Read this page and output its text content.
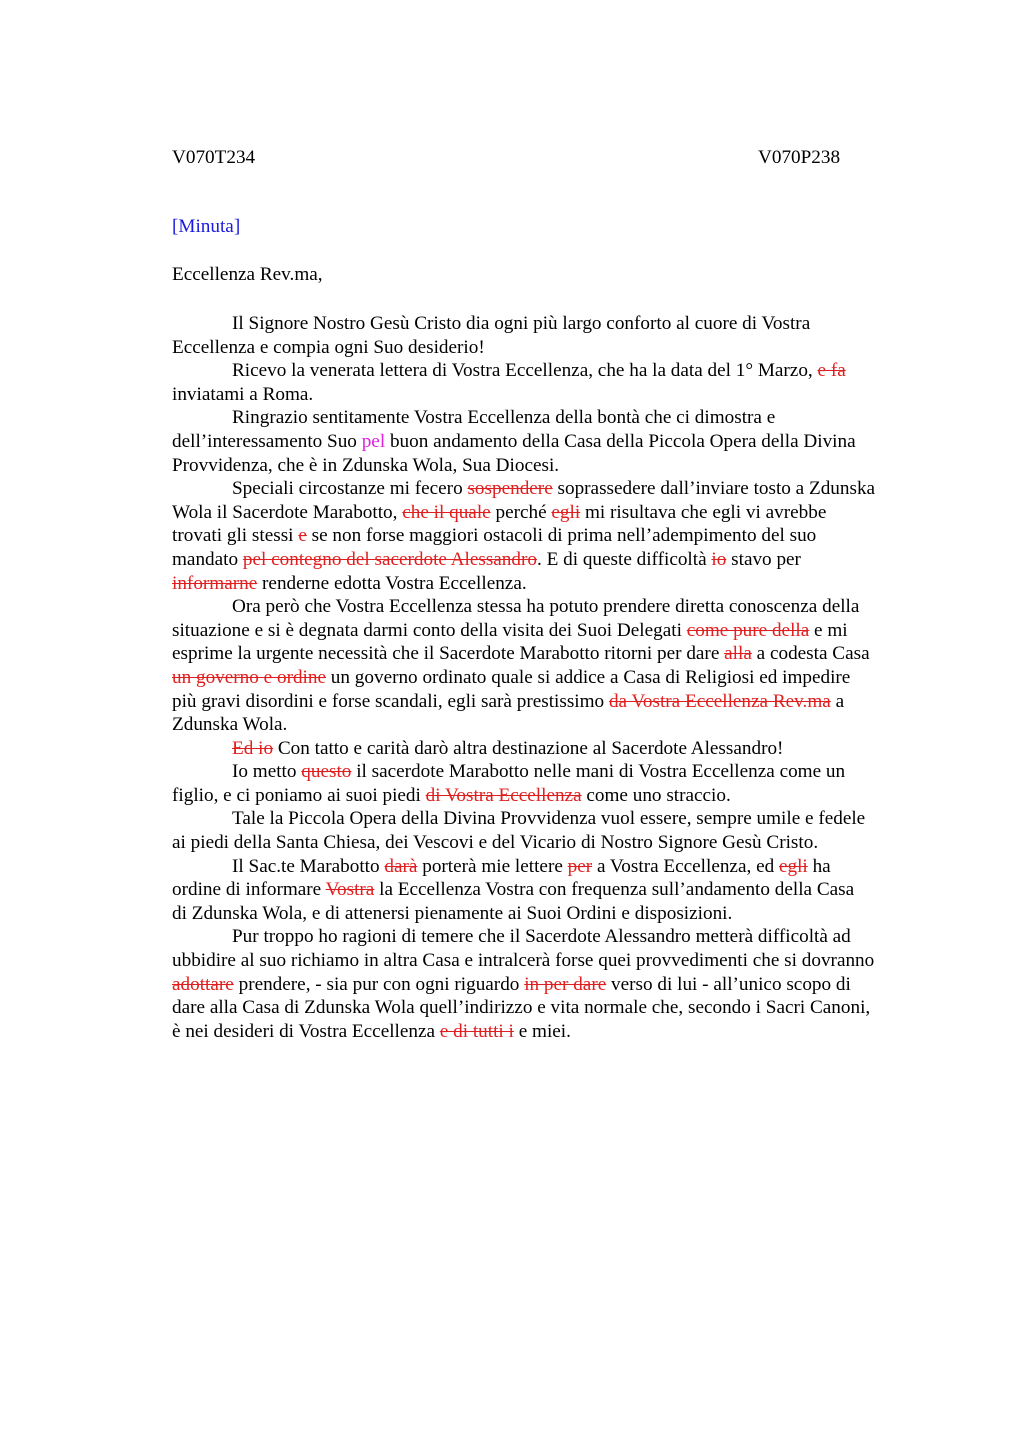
V070T234	V070P238

[Minuta]

Eccellenza Rev.ma,

Il Signore Nostro Gesù Cristo dia ogni più largo conforto al cuore di Vostra
Eccellenza e compia ogni Suo desiderio!
Ricevo la venerata lettera di Vostra Eccellenza, che ha la data del 1° Marzo, e fa
inviatami a Roma.
Ringrazio sentitamente Vostra Eccellenza della bontà che ci dimostra e
dell’interessamento Suo pel buon andamento della Casa della Piccola Opera della Divina
Provvidenza, che è in Zdunska Wola, Sua Diocesi.
Speciali circostanze mi fecero sospendere soprassedere dall’inviare tosto a Zdunska
Wola il Sacerdote Marabotto, che il quale perché egli mi risultava che egli vi avrebbe
trovati gli stessi e se non forse maggiori ostacoli di prima nell’adempimento del suo
mandato pel contegno del sacerdote Alessandro. E di queste difficoltà io stavo per
informarne renderne edotta Vostra Eccellenza.
Ora però che Vostra Eccellenza stessa ha potuto prendere diretta conoscenza della
situazione e si è degnata darmi conto della visita dei Suoi Delegati come pure della e mi
esprime la urgente necessità che il Sacerdote Marabotto ritorni per dare alla a codesta Casa
un governo e ordine un governo ordinato quale si addice a Casa di Religiosi ed impedire
più gravi disordini e forse scandali, egli sarà prestissimo da Vostra Eccellenza Rev.ma a
Zdunska Wola.
Ed io Con tatto e carità darò altra destinazione al Sacerdote Alessandro!
Io metto questo il sacerdote Marabotto nelle mani di Vostra Eccellenza come un
figlio, e ci poniamo ai suoi piedi di Vostra Eccellenza come uno straccio.
Tale la Piccola Opera della Divina Provvidenza vuol essere, sempre umile e fedele
ai piedi della Santa Chiesa, dei Vescovi e del Vicario di Nostro Signore Gesù Cristo.
Il Sac.te Marabotto darà porterà mie lettere per a Vostra Eccellenza, ed egli ha
ordine di informare Vostra la Eccellenza Vostra con frequenza sull’andamento della Casa
di Zdunska Wola, e di attenersi pienamente ai Suoi Ordini e disposizioni.
Pur troppo ho ragioni di temere che il Sacerdote Alessandro metterà difficoltà ad
ubbidire al suo richiamo in altra Casa e intralcerà forse quei provvedimenti che si dovranno
adottare prendere, - sia pur con ogni riguardo in per dare verso di lui - all’unico scopo di
dare alla Casa di Zdunska Wola quell’indirizzo e vita normale che, secondo i Sacri Canoni,
è nei desideri di Vostra Eccellenza e di tutti i e miei.
